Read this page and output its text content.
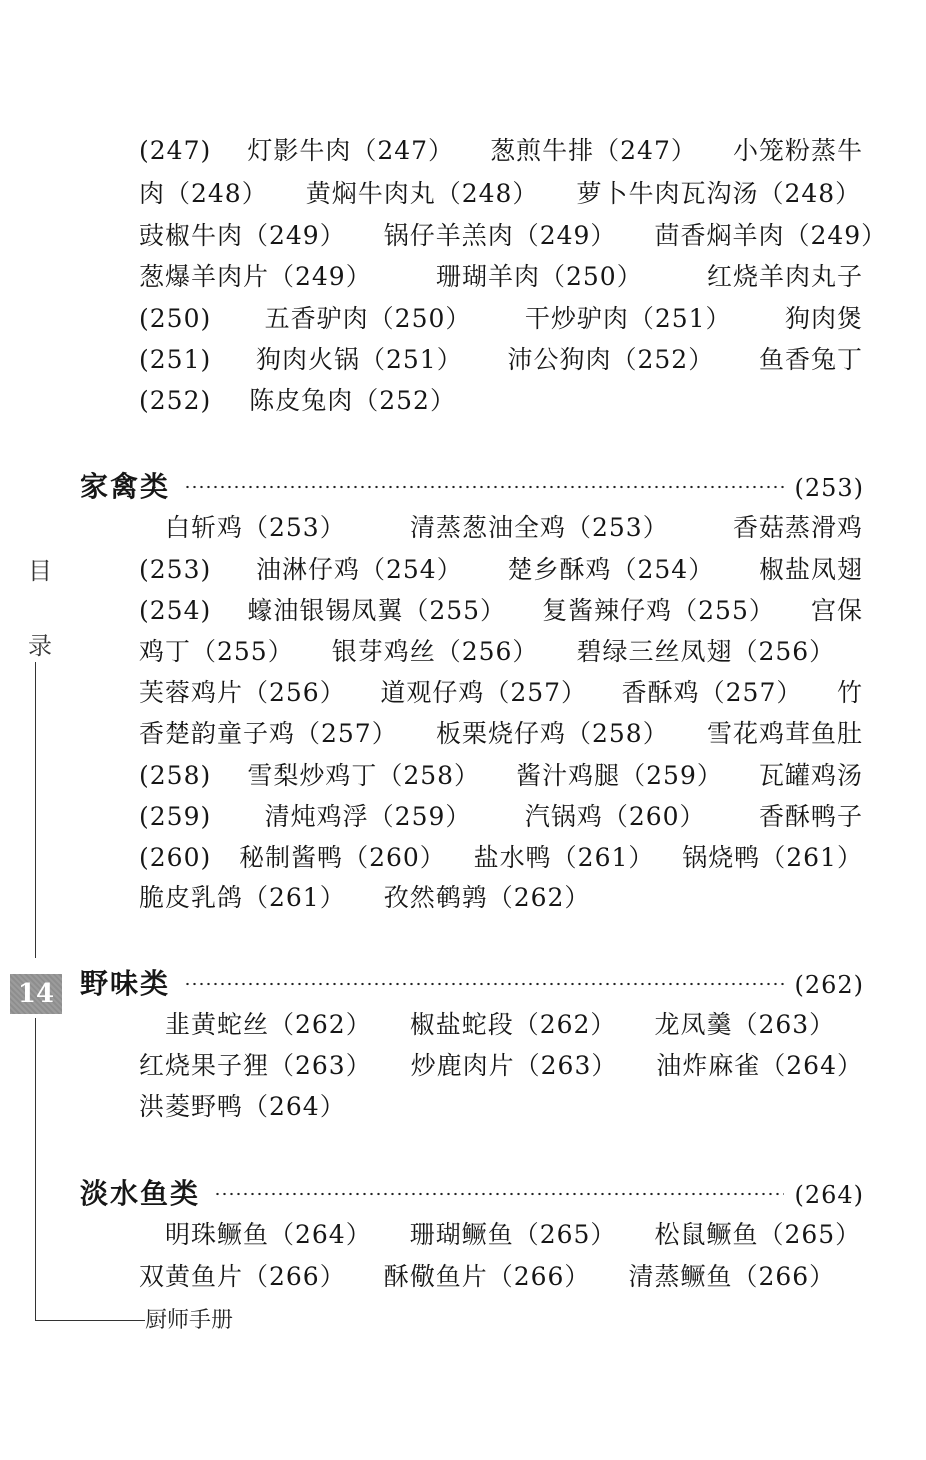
(247) 灯影牛肉（247） 葱煎牛排（247） 小笼粉蒸牛
肉（248） 黄焖牛肉丸（248） 萝卜牛肉瓦沟汤（248）
豉椒牛肉（249） 锅仔羊羔肉（249） 茴香焖羊肉（249）
葱爆羊肉片（249）	珊瑚羊肉（250）	红烧羊肉丸子
(250) 五香驴肉（250） 干炒驴肉（251） 狗肉煲
(251) 狗肉火锅（251） 沛公狗肉（252） 鱼香兔丁
(252) 陈皮兔肉（252）
家禽类	(253)
白斩鸡（253）	清蒸葱油全鸡（253）	香菇蒸滑鸡
(253) 油淋仔鸡（254） 楚乡酥鸡（254） 椒盐凤翅
(254) 蠔油银锡凤翼（255） 复酱辣仔鸡（255） 宫保
鸡丁（255） 银芽鸡丝（256） 碧绿三丝凤翅（256）
芙蓉鸡片（256） 道观仔鸡（257） 香酥鸡（257） 竹
香楚韵童子鸡（257） 板栗烧仔鸡（258） 雪花鸡茸鱼肚
(258) 雪梨炒鸡丁（258） 酱汁鸡腿（259） 瓦罐鸡汤
(259) 清炖鸡浮（259） 汽锅鸡（260） 香酥鸭子
(260) 秘制酱鸭（260） 盐水鸭（261） 锅烧鸭（261）
脆皮乳鸽（261） 孜然鹌鹑（262）
野味类	(262)
韭黄蛇丝（262） 椒盐蛇段（262） 龙凤羹（263）
红烧果子狸（263） 炒鹿肉片（263） 油炸麻雀（264）
洪菱野鸭（264）
淡水鱼类	(264)
明珠鳜鱼（264） 珊瑚鳜鱼（265） 松鼠鳜鱼（265）
双黄鱼片（266） 酥儆鱼片（266） 清蒸鳜鱼（266）
目
录
14
厨师手册
